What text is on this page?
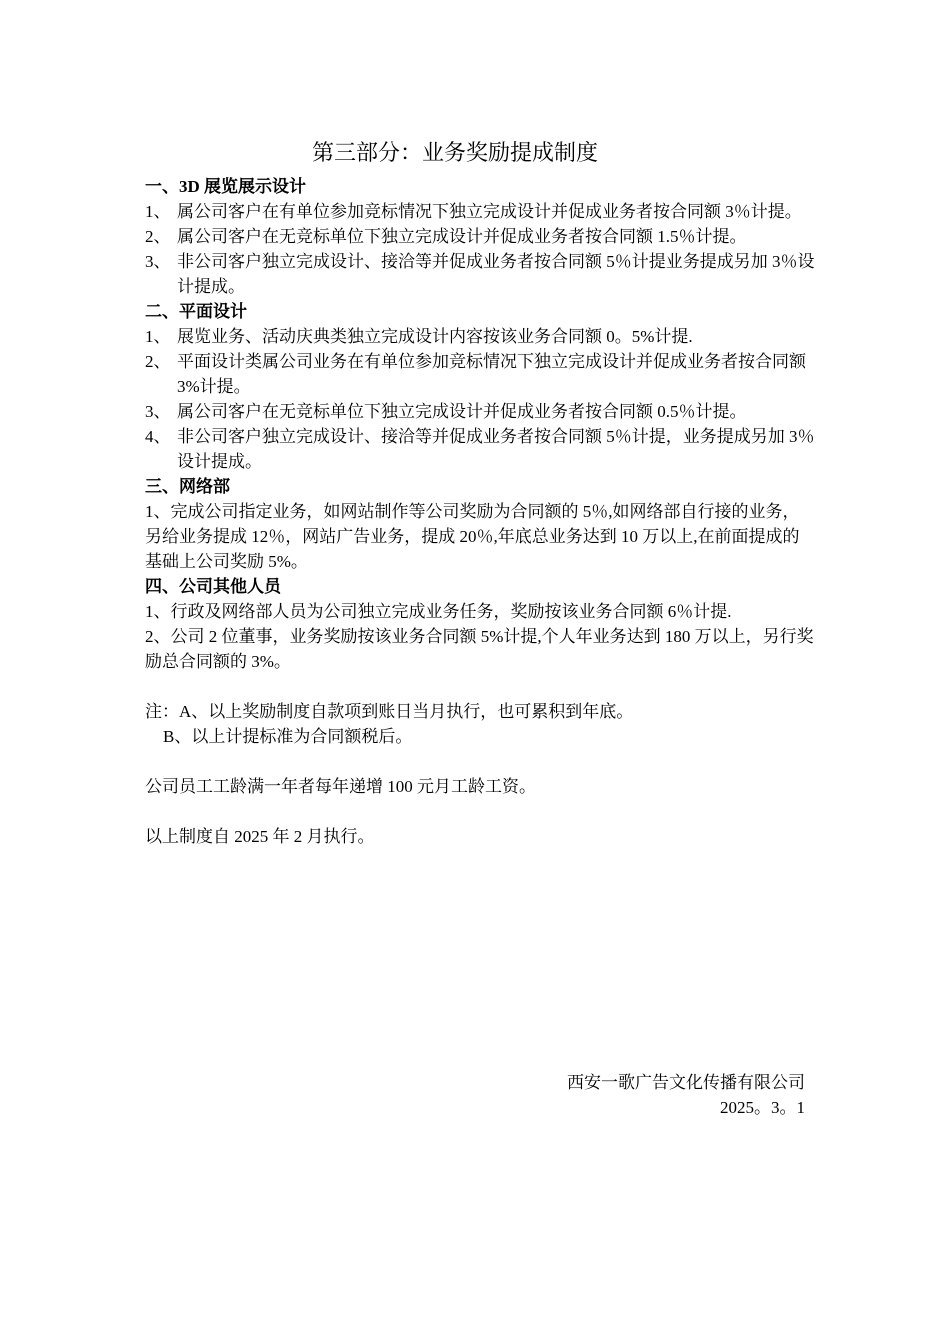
第三部分：业务奖励提成制度

一、3D 展览展示设计

1、 属公司客户在有单位参加竞标情况下独立完成设计并促成业务者按合同额 3％计提。
2、 属公司客户在无竞标单位下独立完成设计并促成业务者按合同额 1.5％计提。
3、 非公司客户独立完成设计、接洽等并促成业务者按合同额 5％计提业务提成另加 3％设计提成。

二、平面设计

1、 展览业务、活动庆典类独立完成设计内容按该业务合同额 0。5%计提.
2、 平面设计类属公司业务在有单位参加竞标情况下独立完成设计并促成业务者按合同额 3%计提。
3、 属公司客户在无竞标单位下独立完成设计并促成业务者按合同额 0.5％计提。
4、 非公司客户独立完成设计、接洽等并促成业务者按合同额 5％计提，业务提成另加 3％设计提成。

三、网络部

1、完成公司指定业务，如网站制作等公司奖励为合同额的 5％,如网络部自行接的业务，另给业务提成 12％，网站广告业务，提成 20％,年底总业务达到 10 万以上,在前面提成的基础上公司奖励 5%。

四、公司其他人员

1、行政及网络部人员为公司独立完成业务任务，奖励按该业务合同额 6％计提.

2、公司 2 位董事，业务奖励按该业务合同额 5%计提,个人年业务达到 180 万以上，另行奖励总合同额的 3%。

注：A、以上奖励制度自款项到账日当月执行，也可累积到年底。

B、以上计提标准为合同额税后。

公司员工工龄满一年者每年递增 100 元月工龄工资。

以上制度自 2025 年 2 月执行。

西安一歌广告文化传播有限公司
2025。3。1
